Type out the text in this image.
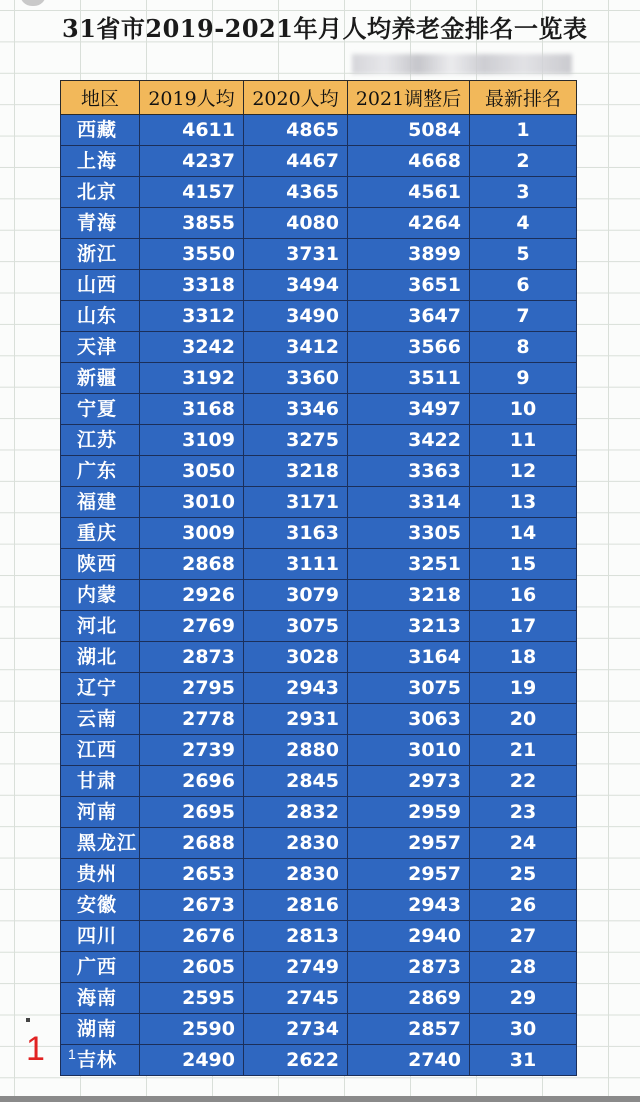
31省市2019-2021年月人均养老金排名一览表
地区	2019人均	2020人均	2021调整后	最新排名
西藏	4611	4865	5084	1
上海	4237	4467	4668	2
北京	4157	4365	4561	3
青海	3855	4080	4264	4
浙江	3550	3731	3899	5
山西	3318	3494	3651	6
山东	3312	3490	3647	7
天津	3242	3412	3566	8
新疆	3192	3360	3511	9
宁夏	3168	3346	3497	10
江苏	3109	3275	3422	11
广东	3050	3218	3363	12
福建	3010	3171	3314	13
重庆	3009	3163	3305	14
陕西	2868	3111	3251	15
内蒙	2926	3079	3218	16
河北	2769	3075	3213	17
湖北	2873	3028	3164	18
辽宁	2795	2943	3075	19
云南	2778	2931	3063	20
江西	2739	2880	3010	21
甘肃	2696	2845	2973	22
河南	2695	2832	2959	23
黑龙江	2688	2830	2957	24
贵州	2653	2830	2957	25
安徽	2673	2816	2943	26
四川	2676	2813	2940	27
广西	2605	2749	2873	28
海南	2595	2745	2869	29
湖南	2590	2734	2857	30
吉林	2490	2622	2740	31
1 1
